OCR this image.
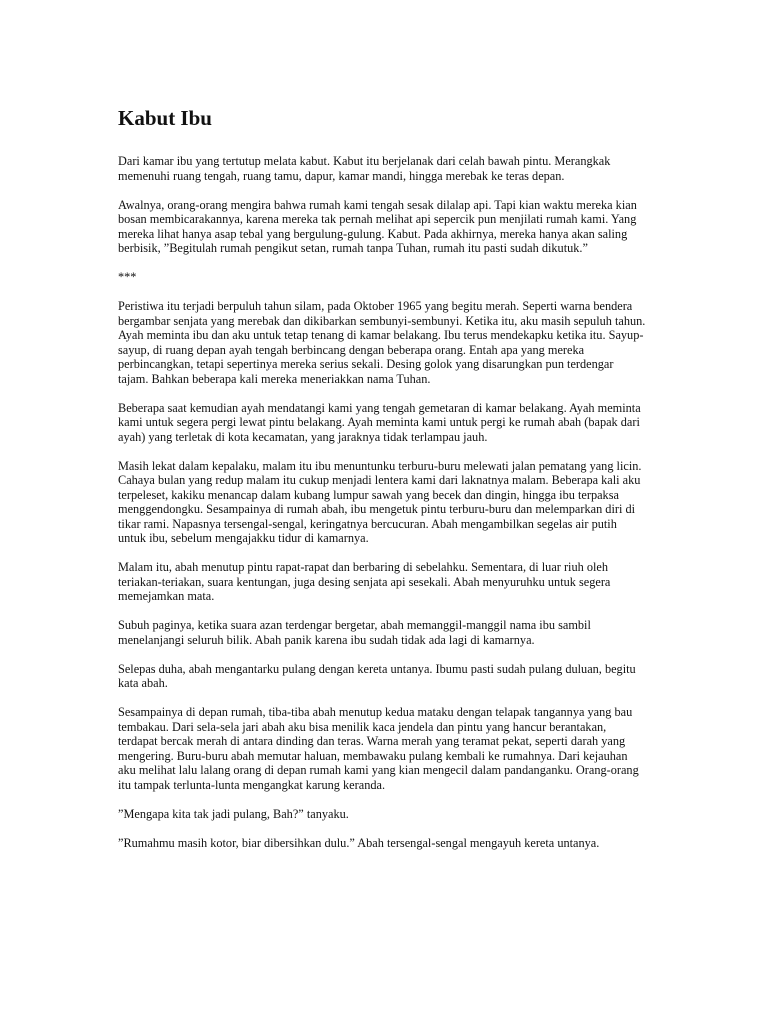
Kabut Ibu

Dari kamar ibu yang tertutup melata kabut. Kabut itu berjelanak dari celah bawah pintu. Merangkak memenuhi ruang tengah, ruang tamu, dapur, kamar mandi, hingga merebak ke teras depan.

Awalnya, orang-orang mengira bahwa rumah kami tengah sesak dilalap api. Tapi kian waktu mereka kian bosan membicarakannya, karena mereka tak pernah melihat api sepercik pun menjilati rumah kami. Yang mereka lihat hanya asap tebal yang bergulung-gulung. Kabut. Pada akhirnya, mereka hanya akan saling berbisik, ”Begitulah rumah pengikut setan, rumah tanpa Tuhan, rumah itu pasti sudah dikutuk.”

***

Peristiwa itu terjadi berpuluh tahun silam, pada Oktober 1965 yang begitu merah. Seperti warna bendera bergambar senjata yang merebak dan dikibarkan sembunyi-sembunyi. Ketika itu, aku masih sepuluh tahun. Ayah meminta ibu dan aku untuk tetap tenang di kamar belakang. Ibu terus mendekapku ketika itu. Sayup-sayup, di ruang depan ayah tengah berbincang dengan beberapa orang. Entah apa yang mereka perbincangkan, tetapi sepertinya mereka serius sekali. Desing golok yang disarungkan pun terdengar tajam. Bahkan beberapa kali mereka meneriakkan nama Tuhan.

Beberapa saat kemudian ayah mendatangi kami yang tengah gemetaran di kamar belakang. Ayah meminta kami untuk segera pergi lewat pintu belakang. Ayah meminta kami untuk pergi ke rumah abah (bapak dari ayah) yang terletak di kota kecamatan, yang jaraknya tidak terlampau jauh.

Masih lekat dalam kepalaku, malam itu ibu menuntunku terburu-buru melewati jalan pematang yang licin. Cahaya bulan yang redup malam itu cukup menjadi lentera kami dari laknatnya malam. Beberapa kali aku terpeleset, kakiku menancap dalam kubang lumpur sawah yang becek dan dingin, hingga ibu terpaksa menggendongku. Sesampainya di rumah abah, ibu mengetuk pintu terburu-buru dan melemparkan diri di tikar rami. Napasnya tersengal-sengal, keringatnya bercucuran. Abah mengambilkan segelas air putih untuk ibu, sebelum mengajakku tidur di kamarnya.

Malam itu, abah menutup pintu rapat-rapat dan berbaring di sebelahku. Sementara, di luar riuh oleh teriakan-teriakan, suara kentungan, juga desing senjata api sesekali. Abah menyuruhku untuk segera memejamkan mata.

Subuh paginya, ketika suara azan terdengar bergetar, abah memanggil-manggil nama ibu sambil menelanjangi seluruh bilik. Abah panik karena ibu sudah tidak ada lagi di kamarnya.

Selepas duha, abah mengantarku pulang dengan kereta untanya. Ibumu pasti sudah pulang duluan, begitu kata abah.

Sesampainya di depan rumah, tiba-tiba abah menutup kedua mataku dengan telapak tangannya yang bau tembakau. Dari sela-sela jari abah aku bisa menilik kaca jendela dan pintu yang hancur berantakan, terdapat bercak merah di antara dinding dan teras. Warna merah yang teramat pekat, seperti darah yang mengering. Buru-buru abah memutar haluan, membawaku pulang kembali ke rumahnya. Dari kejauhan aku melihat lalu lalang orang di depan rumah kami yang kian mengecil dalam pandanganku. Orang-orang itu tampak terlunta-lunta mengangkat karung keranda.

”Mengapa kita tak jadi pulang, Bah?” tanyaku.

”Rumahmu masih kotor, biar dibersihkan dulu.” Abah tersengal-sengal mengayuh kereta untanya.
